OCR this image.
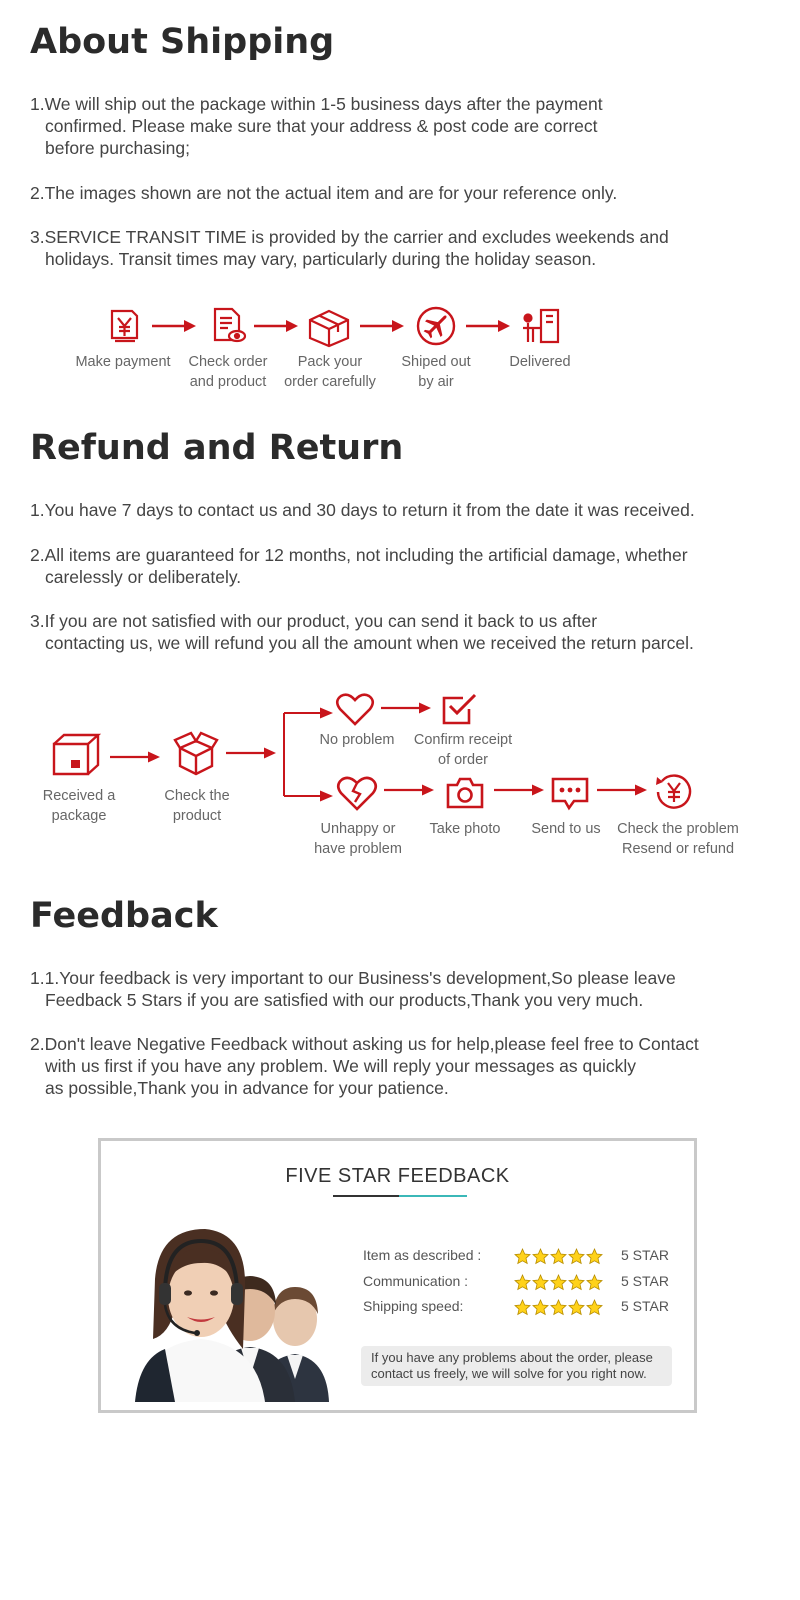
About Shipping
1.We will ship out the package within 1-5 business days after the payment
confirmed. Please make sure that your address & post code are correct
before purchasing;
2.The images shown are not the actual item and are for your reference only.
3.SERVICE TRANSIT TIME is provided by the carrier and excludes weekends and
holidays. Transit times may vary, particularly during the holiday season.
Make payment	Check order
and product
Pack your
order carefully
Shiped out
by air
Delivered
Refund and Return
1.You have 7 days to contact us and 30 days to return it from the date it was received.
2.All items are guaranteed for 12 months, not including the artificial damage, whether
carelessly or deliberately.
3.If you are not satisfied with our product, you can send it back to us after
contacting us, we will refund you all the amount when we received the return parcel.
Received a
package
Check the
product
No problem	Confirm receipt
of order
Unhappy or
have problem
Take photo	Send to us	Check the problem
Resend or refund
Feedback
1.1.Your feedback is very important to our Business's development,So please leave
Feedback 5 Stars if you are satisfied with our products,Thank you very much.
2.Don't leave Negative Feedback without asking us for help,please feel free to Contact
with us first if you have any problem. We will reply your messages as quickly
as possible,Thank you in advance for your patience.
FIVE STAR FEEDBACK
Item as described :	5 STAR
Communication :	5 STAR
Shipping speed:	5 STAR
If you have any problems about the order, please
contact us freely, we will solve for you right now.
